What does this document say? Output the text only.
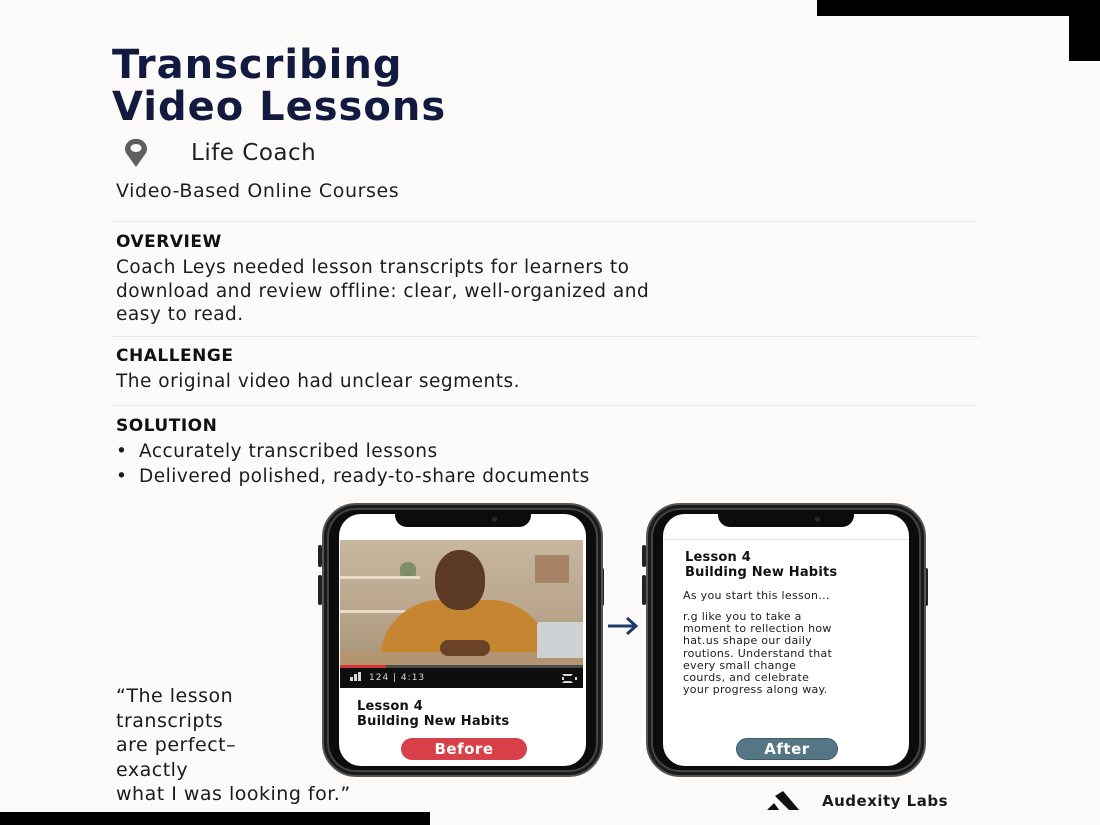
Transcribing
Video Lessons
Life Coach
Video-Based Online Courses
OVERVIEW
Coach Leys needed lesson transcripts for learners to
download and review offline: clear, well-organized and
easy to read.
CHALLENGE
The original video had unclear segments.
SOLUTION
• Accurately transcribed lessons
• Delivered polished, ready-to-share documents
124 | 4:13
Lesson 4
Building New Habits
Before
Lesson 4
Building New Habits
As you start this lesson...
r.g like you to take a
moment to rellection how
hat.us shape our daily
routions. Understand that
every small change
courds, and celebrate
your progress along way.
After
“The lesson
transcripts
are perfect–
exactly
what I was looking for.”	Audexity Labs
